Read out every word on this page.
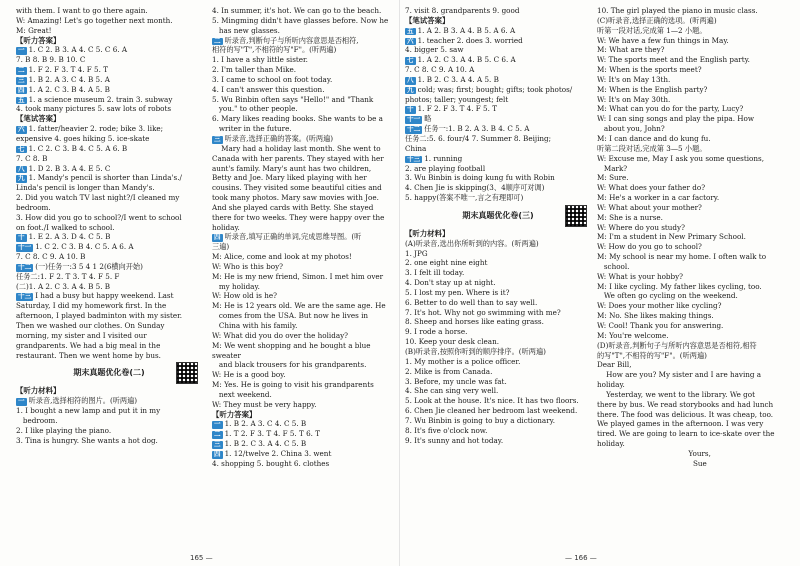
with them. I want to go there again.
W: Amazing! Let's go together next month.
M: Great!
【听力答案】
一 1. C 2. B 3. A 4. C 5. C 6. A
7. B 8. B 9. B 10. C
二 1. F 2. F 3. T 4. F 5. T
三 1. B 2. A 3. C 4. B 5. A
四 1. A 2. C 3. B 4. A 5. B
五 1. a science museum 2. train 3. subway
4. took many pictures 5. saw lots of robots
【笔试答案】
六 1. fatter/heavier 2. rode; bike 3. like;
expensive 4. goes hiking 5. ice-skate
七 1. C 2. C 3. B 4. C 5. A 6. B
7. C 8. B
八 1. D 2. B 3. A 4. E 5. C
九 1. Mandy's pencil is shorter than Linda's./
Linda's pencil is longer than Mandy's.
2. Did you watch TV last night?/I cleaned my
bedroom.
3. How did you go to school?/I went to school
on foot./I walked to school.
十 1. E 2. A 3. D 4. C 5. B
十一 1. C 2. C 3. B 4. C 5. A 6. A
7. C 8. C 9. A 10. B
十二 (一)任务一:3 5 4 1 2(6横向开始)
任务二:1. F 2. T 3. T 4. F 5. F
(二)1. A 2. C 3. A 4. B 5. B
十三 I had a busy but happy weekend. Last
Saturday, I did my homework first. In the
afternoon, I played badminton with my sister.
Then we washed our clothes. On Sunday
morning, my sister and I visited our
grandparents. We had a big meal in the
restaurant. Then we went home by bus.
期末真题优化卷(二)
【听力材料】
一 听录音,选择相符的图片。(听两遍)
1. I bought a new lamp and put it in my
bedroom.
2. I like playing the piano.
3. Tina is hungry. She wants a hot dog.
4. In summer, it's hot. We can go to the beach.
5. Mingming didn't have glasses before. Now he
has new glasses.
二 听录音,判断句子与所听内容意思是否相符,
相符的写"T",不相符的写"F"。(听两遍)
1. I have a shy little sister.
2. I'm taller than Mike.
3. I came to school on foot today.
4. I can't answer this question.
5. Wu Binbin often says "Hello!" and "Thank
you." to other people.
6. Mary likes reading books. She wants to be a
writer in the future.
三 听录音,选择正确的答案。(听两遍)
Mary had a holiday last month. She went to
Canada with her parents. They stayed with her
aunt's family. Mary's aunt has two children,
Betty and Joe. Mary liked playing with her
cousins. They visited some beautiful cities and
took many photos. Mary saw movies with Joe.
And she played cards with Betty. She stayed
there for two weeks. They were happy over the
holiday.
四 听录音,填写正确的单词,完成思维导图。(听
三遍)
M: Alice, come and look at my photos!
W: Who is this boy?
M: He is my new friend, Simon. I met him over
my holiday.
W: How old is he?
M: He is 12 years old. We are the same age. He
comes from the USA. But now he lives in
China with his family.
W: What did you do over the holiday?
M: We went shopping and he bought a blue sweater
and black trousers for his grandparents.
W: He is a good boy.
M: Yes. He is going to visit his grandparents
next weekend.
W: They must be very happy.
【听力答案】
一 1. B 2. A 3. C 4. C 5. B
二 1. T 2. F 3. T 4. F 5. T 6. T
三 1. B 2. C 3. A 4. C 5. B
四 1. 12/twelve 2. China 3. went
4. shopping 5. bought 6. clothes
7. visit 8. grandparents 9. good
【笔试答案】
五 1. A 2. B 3. A 4. B 5. A 6. A
六 1. teacher 2. does 3. worried
4. bigger 5. saw
七 1. A 2. C 3. A 4. B 5. C 6. A
7. C 8. C 9. A 10. A
八 1. B 2. C 3. A 4. A 5. B
九 cold; was; first; bought; gifts; took photos/
photos; taller; youngest; felt
十 1. F 2. F 3. T 4. F 5. T
十一 略
十二 任务一:1. B 2. A 3. B 4. C 5. A
任务二:5. 6. four/4 7. Summer 8. Beijing;
China
十三 1. running
2. are playing football
3. Wu Binbin is doing kung fu with Robin
4. Chen Jie is skipping(3、4顺序可对调)
5. happy(答案不唯一,言之有理即可)
期末真题优化卷(三)
【听力材料】
(A)听录音,选出你所听到的内容。(听两遍)
1. JPG
2. one eight nine eight
3. I felt ill today.
4. Don't stay up at night.
5. I lost my pen. Where is it?
6. Better to do well than to say well.
7. It's hot. Why not go swimming with me?
8. Sheep and horses like eating grass.
9. I rode a horse.
10. Keep your desk clean.
(B)听录音,按照你听到的顺序排序。(听两遍)
1. My mother is a police officer.
2. Mike is from Canada.
3. Before, my uncle was fat.
4. She can sing very well.
5. Look at the house. It's nice. It has two floors.
6. Chen Jie cleaned her bedroom last weekend.
7. Wu Binbin is going to buy a dictionary.
8. It's five o'clock now.
9. It's sunny and hot today.
10. The girl played the piano in music class.
(C)听录音,选择正确的选项。(听两遍)
听第一段对话,完成第 1—2 小题。
W: We have a few fun things in May.
M: What are they?
W: The sports meet and the English party.
M: When is the sports meet?
W: It's on May 13th.
M: When is the English party?
W: It's on May 30th.
M: What can you do for the party, Lucy?
W: I can sing songs and play the pipa. How
about you, John?
M: I can dance and do kung fu.
听第二段对话,完成第 3—5 小题。
W: Excuse me, May I ask you some questions,
Mark?
M: Sure.
W: What does your father do?
M: He's a worker in a car factory.
W: What about your mother?
M: She is a nurse.
W: Where do you study?
M: I'm a student in New Primary School.
W: How do you go to school?
M: My school is near my home. I often walk to
school.
W: What is your hobby?
M: I like cycling. My father likes cycling, too.
We often go cycling on the weekend.
W: Does your mother like cycling?
M: No. She likes making things.
W: Cool! Thank you for answering.
M: You're welcome.
(D)听录音,判断句子与所听内容意思是否相符,相符
的写"T",不相符的写"F"。(听两遍)
Dear Bill,
How are you? My sister and I are having a
holiday.
Yesterday, we went to the library. We got
there by bus. We read storybooks and had lunch
there. The food was delicious. It was cheap, too.
We played games in the afternoon. I was very
tired. We are going to learn to ice-skate over the
holiday.
Yours,
Sue
165 —	— 166 —
